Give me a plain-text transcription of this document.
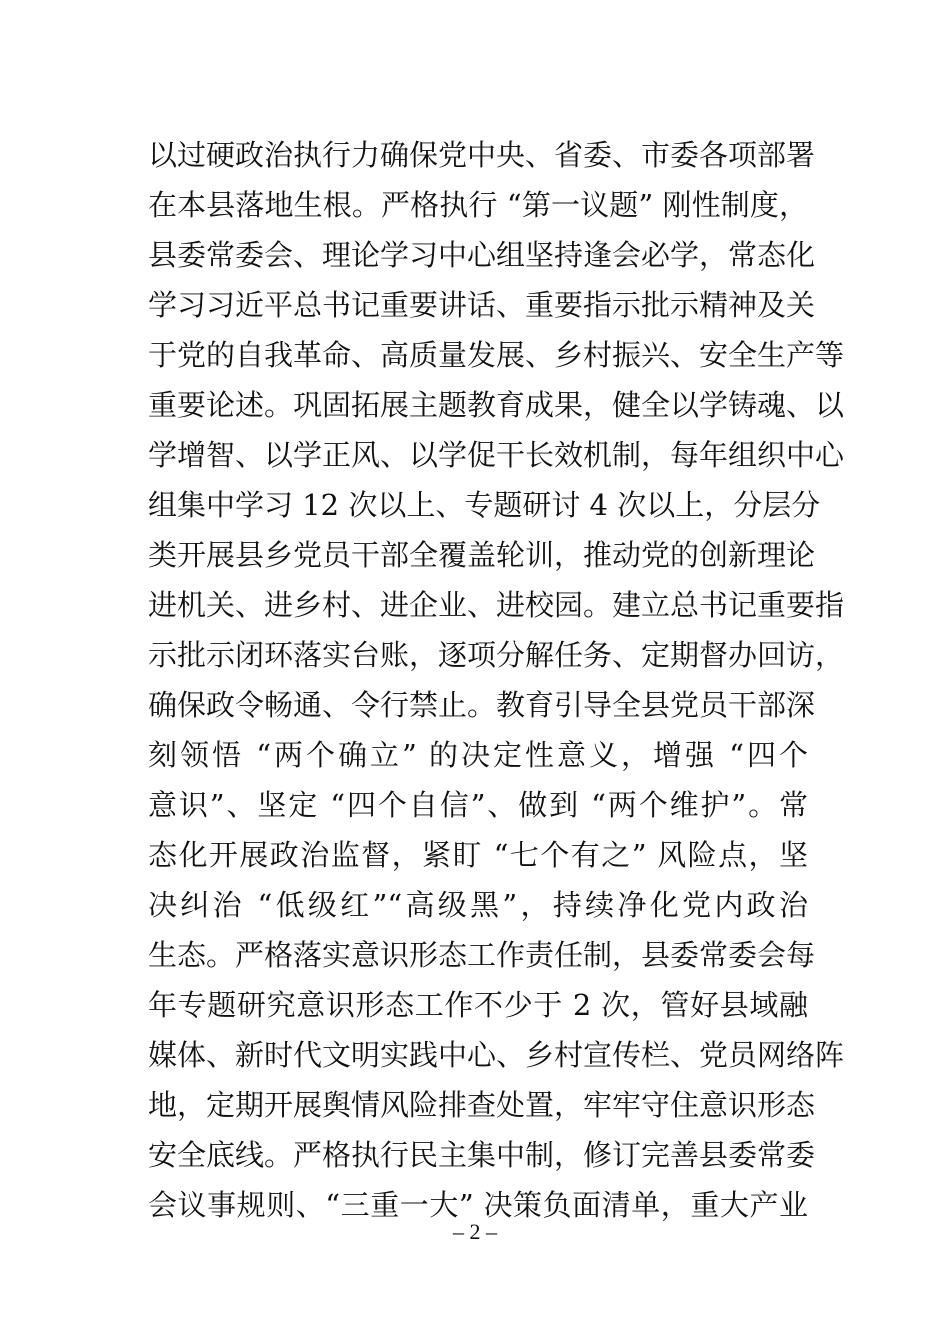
以过硬政治执行力确保党中央、省委、市委各项部署
在本县落地生根。严格执行 “第一议题” 刚性制度，
县委常委会、理论学习中心组坚持逢会必学，常态化
学习习近平总书记重要讲话、重要指示批示精神及关
于党的自我革命、高质量发展、乡村振兴、安全生产等
重要论述。巩固拓展主题教育成果，健全以学铸魂、以
学增智、以学正风、以学促干长效机制，每年组织中心
组集中学习 12 次以上、专题研讨 4 次以上，分层分
类开展县乡党员干部全覆盖轮训，推动党的创新理论
进机关、进乡村、进企业、进校园。建立总书记重要指
示批示闭环落实台账，逐项分解任务、定期督办回访，
确保政令畅通、令行禁止。教育引导全县党员干部深
刻领悟 “两个确立” 的决定性意义，增强 “四个
意识”、坚定 “四个自信”、做到 “两个维护”。常
态化开展政治监督，紧盯 “七个有之” 风险点，坚
决纠治 “低级红”“高级黑”，持续净化党内政治
生态。严格落实意识形态工作责任制，县委常委会每
年专题研究意识形态工作不少于 2 次，管好县域融
媒体、新时代文明实践中心、乡村宣传栏、党员网络阵
地，定期开展舆情风险排查处置，牢牢守住意识形态
安全底线。严格执行民主集中制，修订完善县委常委
会议事规则、“三重一大” 决策负面清单，重大产业
– 2 –
